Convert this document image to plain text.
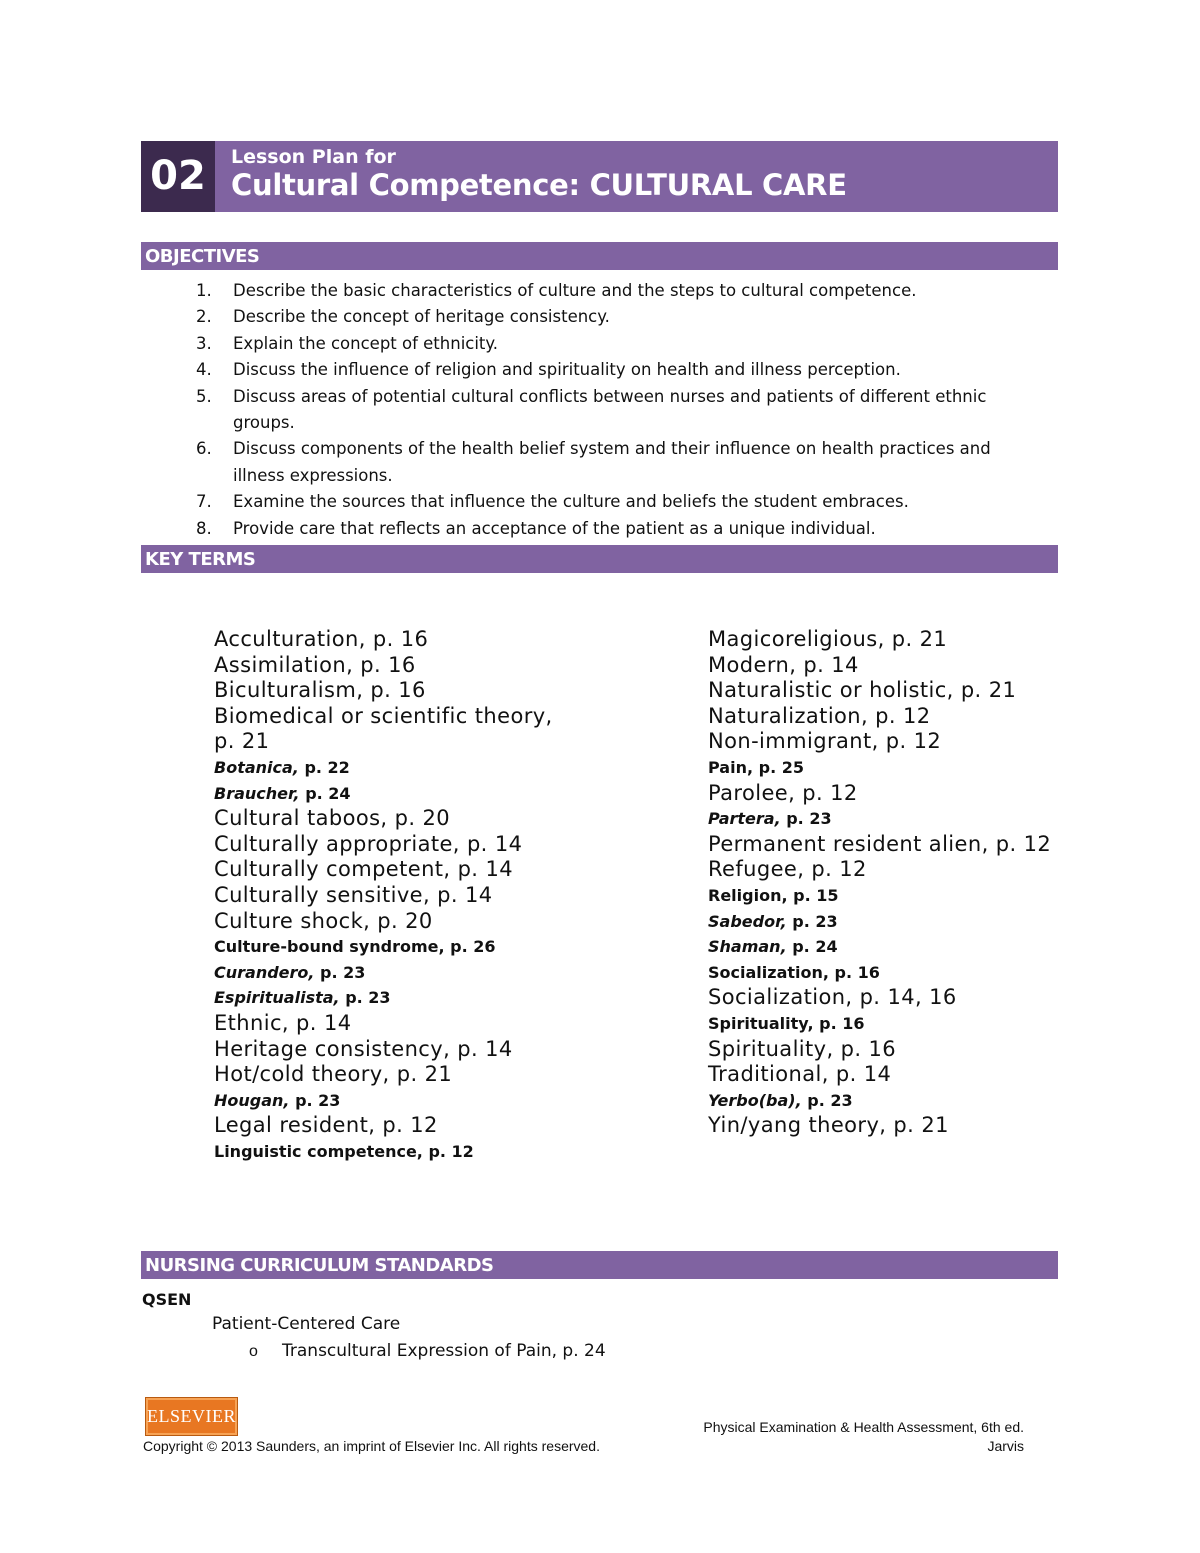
02	Lesson Plan for
Cultural Competence: CULTURAL CARE
OBJECTIVES
1. Describe the basic characteristics of culture and the steps to cultural competence.
2. Describe the concept of heritage consistency.
3. Explain the concept of ethnicity.
4. Discuss the influence of religion and spirituality on health and illness perception.
5. Discuss areas of potential cultural conflicts between nurses and patients of different ethnic
groups.
6. Discuss components of the health belief system and their influence on health practices and
illness expressions.
7. Examine the sources that influence the culture and beliefs the student embraces.
8. Provide care that reflects an acceptance of the patient as a unique individual.
KEY TERMS
Acculturation, p. 16
Assimilation, p. 16
Biculturalism, p. 16
Biomedical or scientific theory,
p. 21
Botanica, p. 22
Braucher, p. 24
Cultural taboos, p. 20
Culturally appropriate, p. 14
Culturally competent, p. 14
Culturally sensitive, p. 14
Culture shock, p. 20
Culture-bound syndrome, p. 26
Curandero, p. 23
Espiritualista, p. 23
Ethnic, p. 14
Heritage consistency, p. 14
Hot/cold theory, p. 21
Hougan, p. 23
Legal resident, p. 12
Linguistic competence, p. 12
Magicoreligious, p. 21
Modern, p. 14
Naturalistic or holistic, p. 21
Naturalization, p. 12
Non-immigrant, p. 12
Pain, p. 25
Parolee, p. 12
Partera, p. 23
Permanent resident alien, p. 12
Refugee, p. 12
Religion, p. 15
Sabedor, p. 23
Shaman, p. 24
Socialization, p. 16
Socialization, p. 14, 16
Spirituality, p. 16
Spirituality, p. 16
Traditional, p. 14
Yerbo(ba), p. 23
Yin/yang theory, p. 21
NURSING CURRICULUM STANDARDS
QSEN
Patient-Centered Care
o Transcultural Expression of Pain, p. 24
ELSEVIER
Physical Examination & Health Assessment, 6th ed.
Copyright © 2013 Saunders, an imprint of Elsevier Inc. All rights reserved.	Jarvis
